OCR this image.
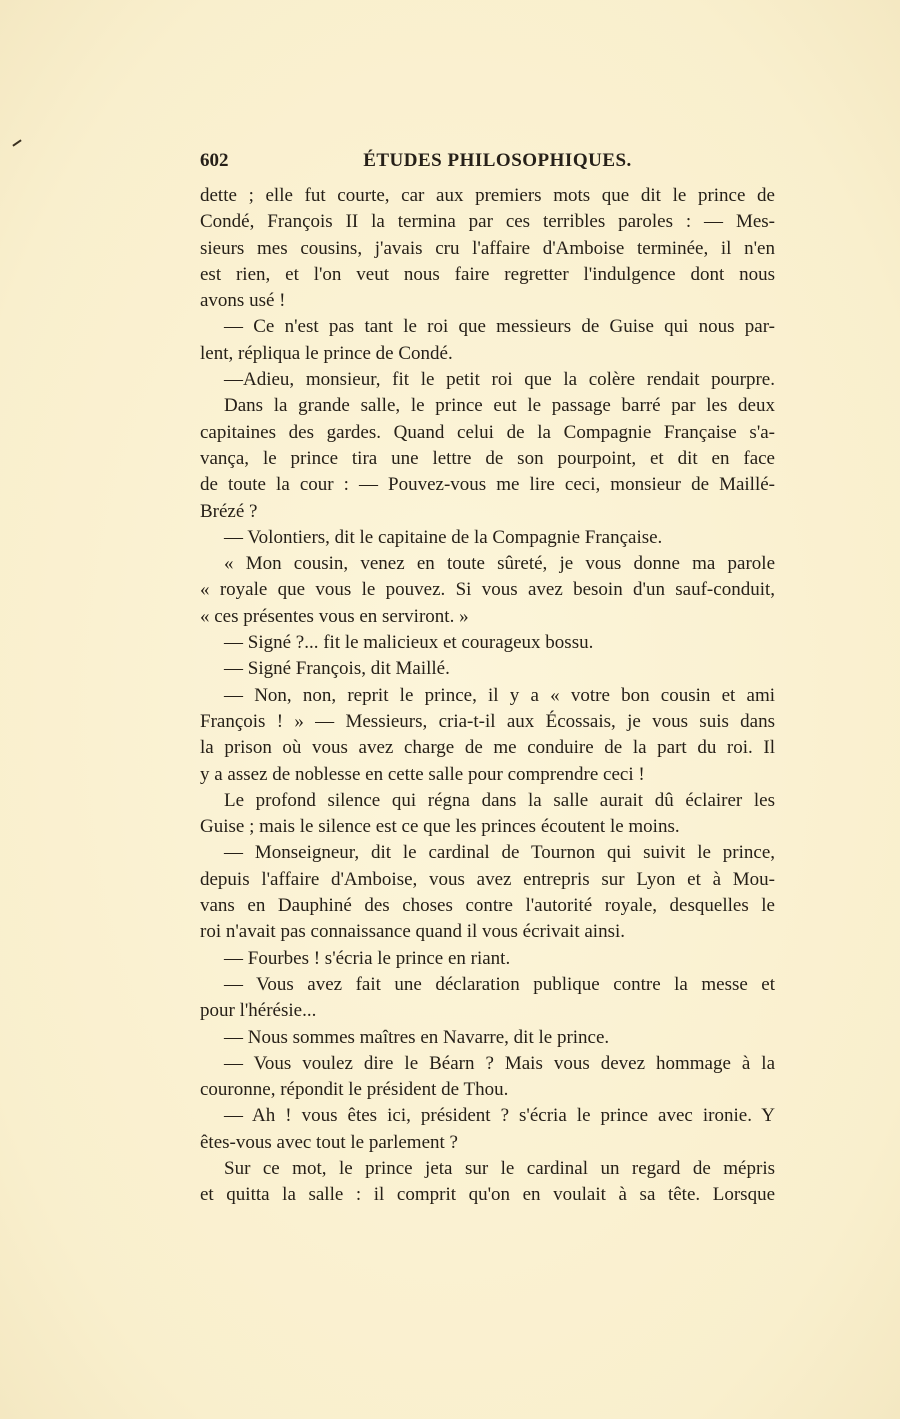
602	ÉTUDES PHILOSOPHIQUES.
dette ; elle fut courte, car aux premiers mots que dit le prince de
Condé, François II la termina par ces terribles paroles : — Mes-
sieurs mes cousins, j'avais cru l'affaire d'Amboise terminée, il n'en
est rien, et l'on veut nous faire regretter l'indulgence dont nous
avons usé !
— Ce n'est pas tant le roi que messieurs de Guise qui nous par-
lent, répliqua le prince de Condé.
—Adieu, monsieur, fit le petit roi que la colère rendait pourpre.
Dans la grande salle, le prince eut le passage barré par les deux
capitaines des gardes. Quand celui de la Compagnie Française s'a-
vança, le prince tira une lettre de son pourpoint, et dit en face
de toute la cour : — Pouvez-vous me lire ceci, monsieur de Maillé-
Brézé ?
— Volontiers, dit le capitaine de la Compagnie Française.
« Mon cousin, venez en toute sûreté, je vous donne ma parole
« royale que vous le pouvez. Si vous avez besoin d'un sauf-conduit,
« ces présentes vous en serviront. »
— Signé ?... fit le malicieux et courageux bossu.
— Signé François, dit Maillé.
— Non, non, reprit le prince, il y a « votre bon cousin et ami
François ! » — Messieurs, cria-t-il aux Écossais, je vous suis dans
la prison où vous avez charge de me conduire de la part du roi. Il
y a assez de noblesse en cette salle pour comprendre ceci !
Le profond silence qui régna dans la salle aurait dû éclairer les
Guise ; mais le silence est ce que les princes écoutent le moins.
— Monseigneur, dit le cardinal de Tournon qui suivit le prince,
depuis l'affaire d'Amboise, vous avez entrepris sur Lyon et à Mou-
vans en Dauphiné des choses contre l'autorité royale, desquelles le
roi n'avait pas connaissance quand il vous écrivait ainsi.
— Fourbes ! s'écria le prince en riant.
— Vous avez fait une déclaration publique contre la messe et
pour l'hérésie...
— Nous sommes maîtres en Navarre, dit le prince.
— Vous voulez dire le Béarn ? Mais vous devez hommage à la
couronne, répondit le président de Thou.
— Ah ! vous êtes ici, président ? s'écria le prince avec ironie. Y
êtes-vous avec tout le parlement ?
Sur ce mot, le prince jeta sur le cardinal un regard de mépris
et quitta la salle : il comprit qu'on en voulait à sa tête. Lorsque
